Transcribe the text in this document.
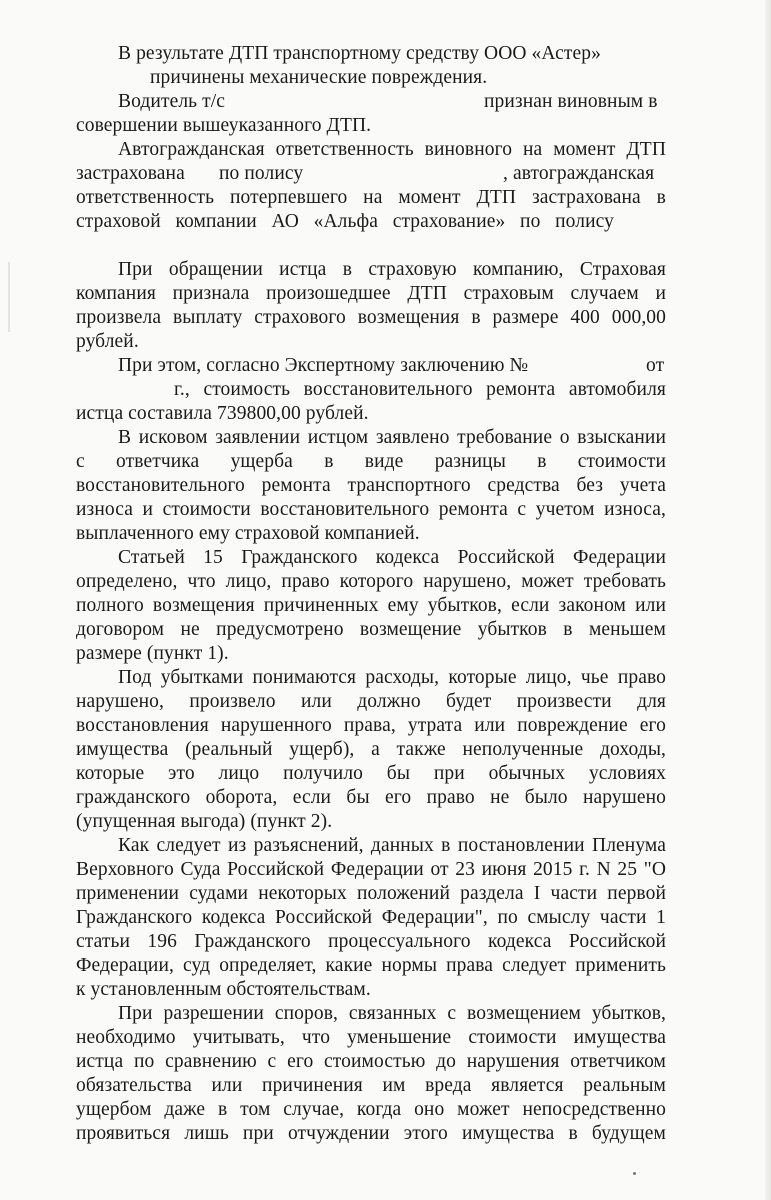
В результате ДТП транспортному средству ООО «Астер»
причинены механические повреждения.
Водитель т/с	признан виновным в
совершении вышеуказанного ДТП.
Автогражданская ответственность виновного на момент ДТП
застрахована по полису	, автогражданская
ответственность потерпевшего на момент ДТП застрахована в
страховой компании АО «Альфа страхование» по полису
При обращении истца в страховую компанию, Страховая
компания признала произошедшее ДТП страховым случаем и
произвела выплату страхового возмещения в размере 400 000,00
рублей.
При этом, согласно Экспертному заключению №	от
г., стоимость восстановительного ремонта автомобиля
истца составила 739800,00 рублей.
В исковом заявлении истцом заявлено требование о взыскании
с ответчика ущерба в виде разницы в стоимости
восстановительного ремонта транспортного средства без учета
износа и стоимости восстановительного ремонта с учетом износа,
выплаченного ему страховой компанией.
Статьей 15 Гражданского кодекса Российской Федерации
определено, что лицо, право которого нарушено, может требовать
полного возмещения причиненных ему убытков, если законом или
договором не предусмотрено возмещение убытков в меньшем
размере (пункт 1).
Под убытками понимаются расходы, которые лицо, чье право
нарушено, произвело или должно будет произвести для
восстановления нарушенного права, утрата или повреждение его
имущества (реальный ущерб), а также неполученные доходы,
которые это лицо получило бы при обычных условиях
гражданского оборота, если бы его право не было нарушено
(упущенная выгода) (пункт 2).
Как следует из разъяснений, данных в постановлении Пленума
Верховного Суда Российской Федерации от 23 июня 2015 г. N 25 "О
применении судами некоторых положений раздела I части первой
Гражданского кодекса Российской Федерации", по смыслу части 1
статьи 196 Гражданского процессуального кодекса Российской
Федерации, суд определяет, какие нормы права следует применить
к установленным обстоятельствам.
При разрешении споров, связанных с возмещением убытков,
необходимо учитывать, что уменьшение стоимости имущества
истца по сравнению с его стоимостью до нарушения ответчиком
обязательства или причинения им вреда является реальным
ущербом даже в том случае, когда оно может непосредственно
проявиться лишь при отчуждении этого имущества в будущем
